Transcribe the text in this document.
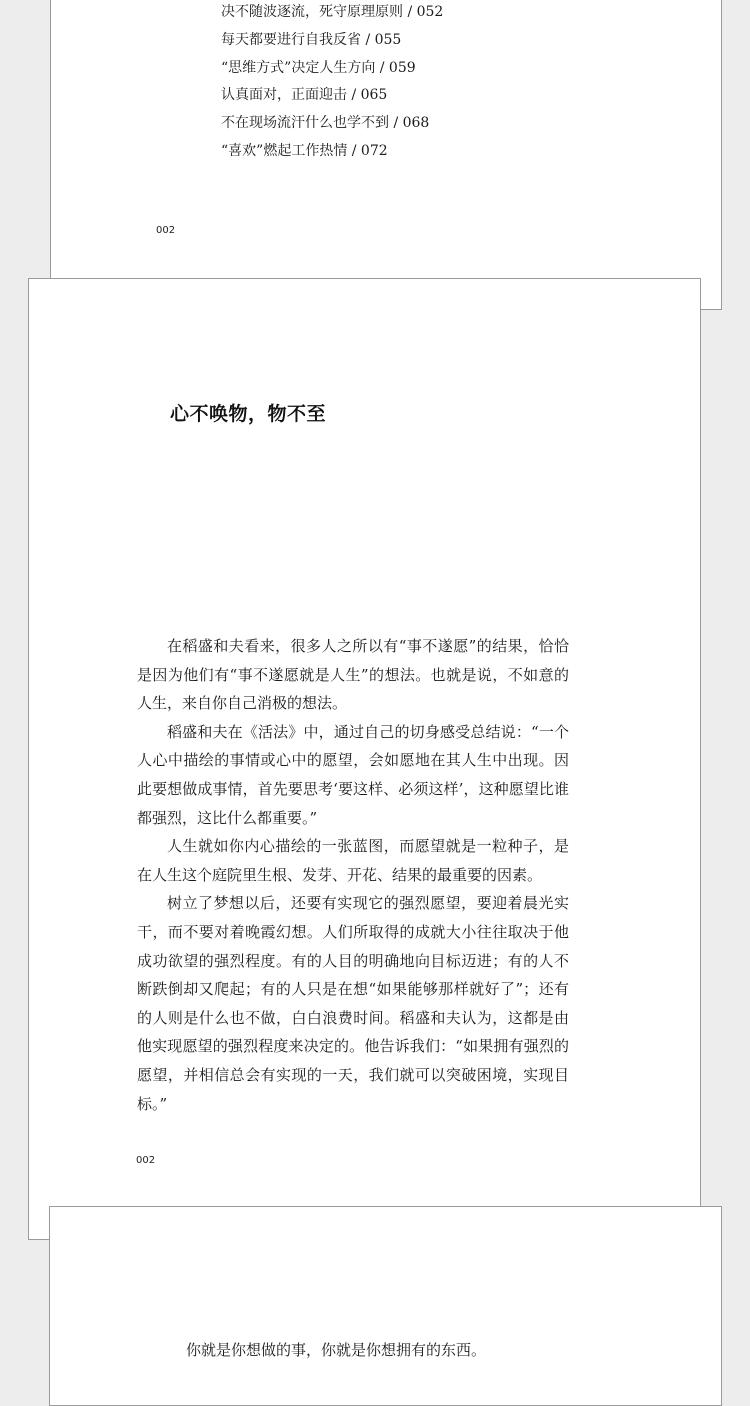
决不随波逐流，死守原理原则 / 052
每天都要进行自我反省 / 055
“思维方式”决定人生方向 / 059
认真面对，正面迎击 / 065
不在现场流汗什么也学不到 / 068
“喜欢”燃起工作热情 / 072
002
心不唤物，物不至

在稻盛和夫看来，很多人之所以有“事不遂愿”的结果，恰恰是因为他们有“事不遂愿就是人生”的想法。也就是说，不如意的人生，来自你自己消极的想法。

稻盛和夫在《活法》中，通过自己的切身感受总结说：“一个人心中描绘的事情或心中的愿望，会如愿地在其人生中出现。因此要想做成事情，首先要思考‘要这样、必须这样’，这种愿望比谁都强烈，这比什么都重要。”

人生就如你内心描绘的一张蓝图，而愿望就是一粒种子，是在人生这个庭院里生根、发芽、开花、结果的最重要的因素。

树立了梦想以后，还要有实现它的强烈愿望，要迎着晨光实干，而不要对着晚霞幻想。人们所取得的成就大小往往取决于他成功欲望的强烈程度。有的人目的明确地向目标迈进；有的人不断跌倒却又爬起；有的人只是在想“如果能够那样就好了”；还有的人则是什么也不做，白白浪费时间。稻盛和夫认为，这都是由他实现愿望的强烈程度来决定的。他告诉我们：“如果拥有强烈的愿望，并相信总会有实现的一天，我们就可以突破困境，实现目标。”

002

你就是你想做的事，你就是你想拥有的东西。
